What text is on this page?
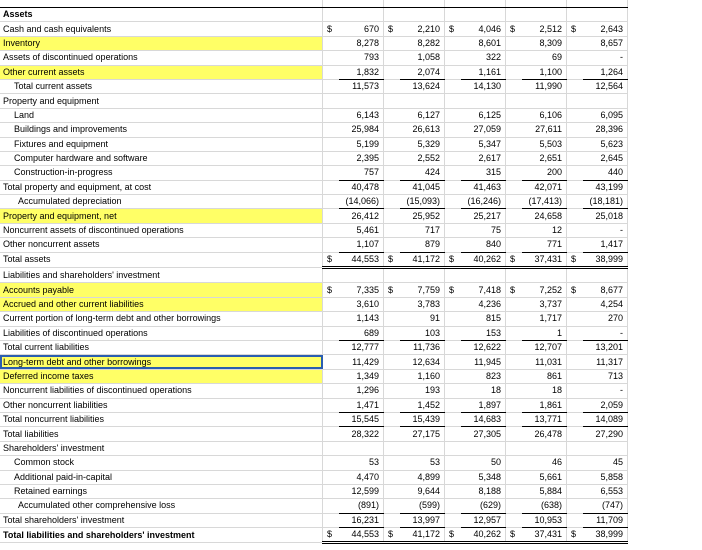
Assets										
Cash and cash equivalents	$	670	$	2,210	$	4,046	$	2,512	$	2,643
Inventory		8,278		8,282		8,601		8,309		8,657
Assets of discontinued operations		793		1,058		322		69		-
Other current assets		1,832		2,074		1,161		1,100		1,264
Total current assets		11,573		13,624		14,130		11,990		12,564
Property and equipment										
Land		6,143		6,127		6,125		6,106		6,095
Buildings and improvements		25,984		26,613		27,059		27,611		28,396
Fixtures and equipment		5,199		5,329		5,347		5,503		5,623
Computer hardware and software		2,395		2,552		2,617		2,651		2,645
Construction-in-progress		757		424		315		200		440
Total property and equipment, at cost		40,478		41,045		41,463		42,071		43,199
Accumulated depreciation		(14,066)		(15,093)		(16,246)		(17,413)		(18,181)
Property and equipment, net		26,412		25,952		25,217		24,658		25,018
Noncurrent assets of discontinued operations		5,461		717		75		12		-
Other noncurrent assets		1,107		879		840		771		1,417
Total assets	$	44,553	$	41,172	$	40,262	$	37,431	$	38,999
Liabilities and shareholders' investment										
Accounts payable	$	7,335	$	7,759	$	7,418	$	7,252	$	8,677
Accrued and other current liabilities		3,610		3,783		4,236		3,737		4,254
Current portion of long-term debt and other borrowings		1,143		91		815		1,717		270
Liabilities of discontinued operations		689		103		153		1		-
Total current liabilities		12,777		11,736		12,622		12,707		13,201
Long-term debt and other borrowings		11,429		12,634		11,945		11,031		11,317
Deferred income taxes		1,349		1,160		823		861		713
Noncurrent liabilities of discontinued operations		1,296		193		18		18		-
Other noncurrent liabilities		1,471		1,452		1,897		1,861		2,059
Total noncurrent liabilities		15,545		15,439		14,683		13,771		14,089
Total liabilities		28,322		27,175		27,305		26,478		27,290
Shareholders' investment										
Common stock		53		53		50		46		45
Additional paid-in-capital		4,470		4,899		5,348		5,661		5,858
Retained earnings		12,599		9,644		8,188		5,884		6,553
Accumulated other comprehensive loss		(891)		(599)		(629)		(638)		(747)
Total shareholders' investment		16,231		13,997		12,957		10,953		11,709
Total liabilities and shareholders' investment	$	44,553	$	41,172	$	40,262	$	37,431	$	38,999
